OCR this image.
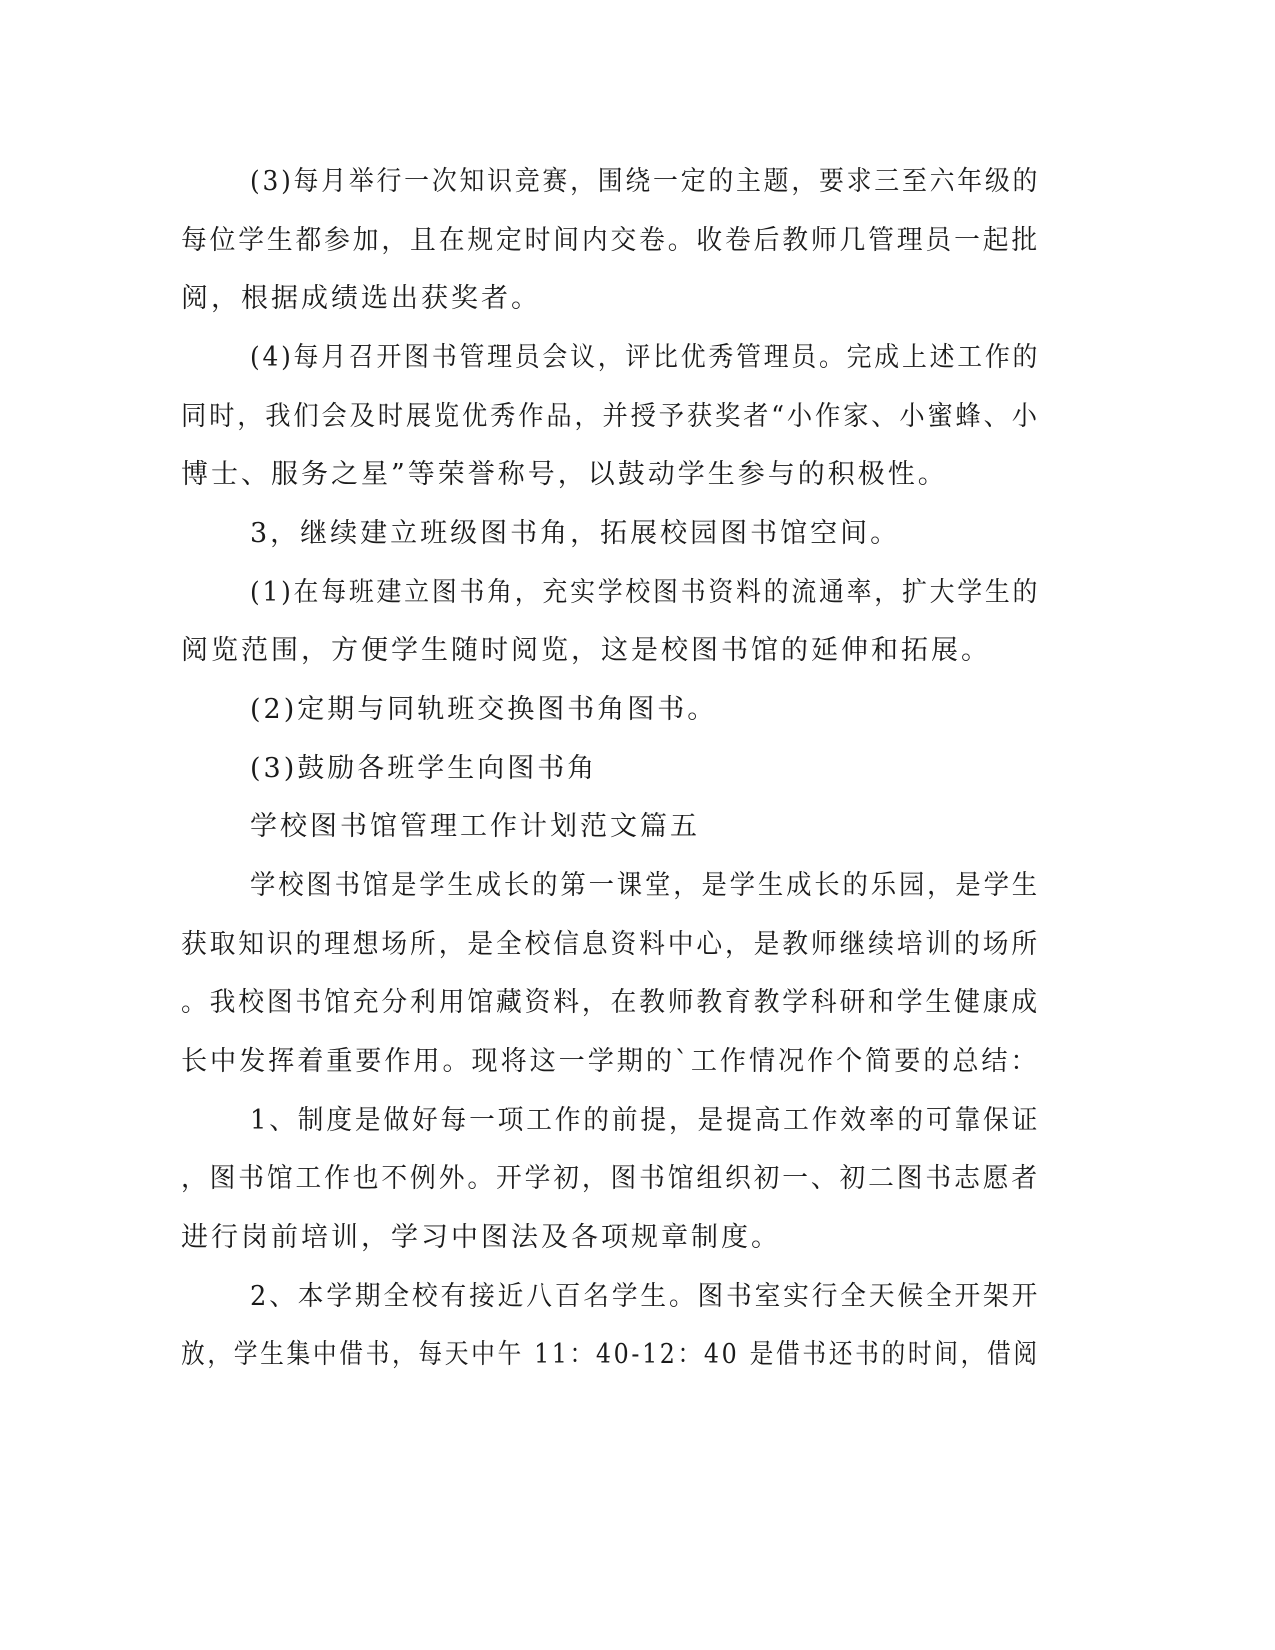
(3)每月举行一次知识竞赛，围绕一定的主题，要求三至六年级的
每位学生都参加，且在规定时间内交卷。收卷后教师几管理员一起批
阅，根据成绩选出获奖者。
(4)每月召开图书管理员会议，评比优秀管理员。完成上述工作的
同时，我们会及时展览优秀作品，并授予获奖者“小作家、小蜜蜂、小
博士、服务之星”等荣誉称号，以鼓动学生参与的积极性。
3，继续建立班级图书角，拓展校园图书馆空间。
(1)在每班建立图书角，充实学校图书资料的流通率，扩大学生的
阅览范围，方便学生随时阅览，这是校图书馆的延伸和拓展。
(2)定期与同轨班交换图书角图书。
(3)鼓励各班学生向图书角
学校图书馆管理工作计划范文篇五
学校图书馆是学生成长的第一课堂，是学生成长的乐园，是学生
获取知识的理想场所，是全校信息资料中心，是教师继续培训的场所
。我校图书馆充分利用馆藏资料，在教师教育教学科研和学生健康成
长中发挥着重要作用。现将这一学期的`工作情况作个简要的总结：
1、制度是做好每一项工作的前提，是提高工作效率的可靠保证
，图书馆工作也不例外。开学初，图书馆组织初一、初二图书志愿者
进行岗前培训，学习中图法及各项规章制度。
2、本学期全校有接近八百名学生。图书室实行全天候全开架开
放，学生集中借书，每天中午 11：40-12：40 是借书还书的时间，借阅
